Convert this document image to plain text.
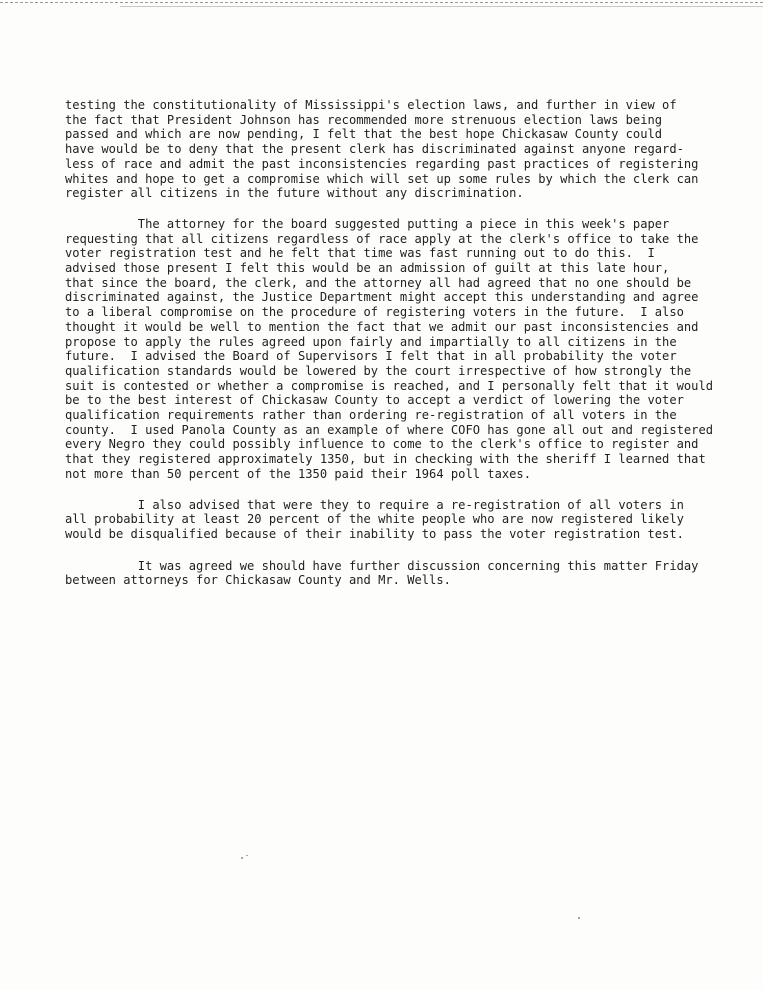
testing the constitutionality of Mississippi's election laws, and further in view of
the fact that President Johnson has recommended more strenuous election laws being
passed and which are now pending, I felt that the best hope Chickasaw County could
have would be to deny that the present clerk has discriminated against anyone regard-
less of race and admit the past inconsistencies regarding past practices of registering
whites and hope to get a compromise which will set up some rules by which the clerk can
register all citizens in the future without any discrimination.

The attorney for the board suggested putting a piece in this week's paper
requesting that all citizens regardless of race apply at the clerk's office to take the
voter registration test and he felt that time was fast running out to do this.  I
advised those present I felt this would be an admission of guilt at this late hour,
that since the board, the clerk, and the attorney all had agreed that no one should be
discriminated against, the Justice Department might accept this understanding and agree
to a liberal compromise on the procedure of registering voters in the future.  I also
thought it would be well to mention the fact that we admit our past inconsistencies and
propose to apply the rules agreed upon fairly and impartially to all citizens in the
future.  I advised the Board of Supervisors I felt that in all probability the voter
qualification standards would be lowered by the court irrespective of how strongly the
suit is contested or whether a compromise is reached, and I personally felt that it would
be to the best interest of Chickasaw County to accept a verdict of lowering the voter
qualification requirements rather than ordering re-registration of all voters in the
county.  I used Panola County as an example of where COFO has gone all out and registered
every Negro they could possibly influence to come to the clerk's office to register and
that they registered approximately 1350, but in checking with the sheriff I learned that
not more than 50 percent of the 1350 paid their 1964 poll taxes.

I also advised that were they to require a re-registration of all voters in
all probability at least 20 percent of the white people who are now registered likely
would be disqualified because of their inability to pass the voter registration test.

It was agreed we should have further discussion concerning this matter Friday
between attorneys for Chickasaw County and Mr. Wells.
